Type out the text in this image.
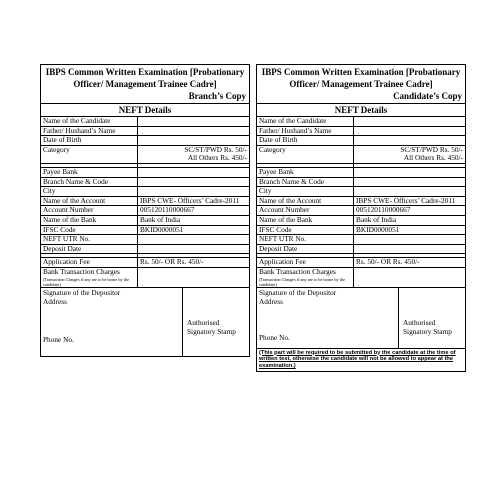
IBPS Common Written Examination [Probationary
Officer/ Management Trainee Cadre]
Branch’s Copy
NEFT Details
Name of the Candidate	
Father/ Hushand’s Name	
Date of Birth	
Category	SC/ST/PWD Rs. 50/-
All Others Rs. 450/-

Payee Bank	
Branch Name & Code	
City	
Name of the Account	IBPS CWE- Officers’ Cadre-2011
Account Number	005120110000667
Name of the Bank	Bank of India
IFSC Code	BKID0000051
NEFT UTR No.	
Deposit Date	

Application Fee	Rs. 50/- OR Rs. 450/-

Bank Transaction Charges
(Transaction Charges if any are to be borne by the candidate)	

Signature of the Depositor
Address
Phone No.
Authorised
Signatory Stamp
IBPS Common Written Examination [Probationary
Officer/ Management Trainee Cadre]
Candidate’s Copy
NEFT Details
Name of the Candidate	
Father/ Hushand’s Name	
Date of Birth	
Category	SC/ST/PWD Rs. 50/-
All Others Rs. 450/-

Payee Bank	
Branch Name & Code	
City	
Name of the Account	IBPS CWE- Officers’ Cadre-2011
Account Number	005120110000667
Name of the Bank	Bank of India
IFSC Code	BKID0000051
NEFT UTR No.	
Deposit Date	

Application Fee	Rs. 50/- OR Rs. 450/-

Bank Transaction Charges
(Transaction Charges if any are to be borne by the candidate)	

Signature of the Depositor
Address
Phone No.
Authorised
Signatory Stamp
(This part will be required to be submitted by the candidate at the time of written test, otherwise the candidate will not be allowed to appear at the examination.)
